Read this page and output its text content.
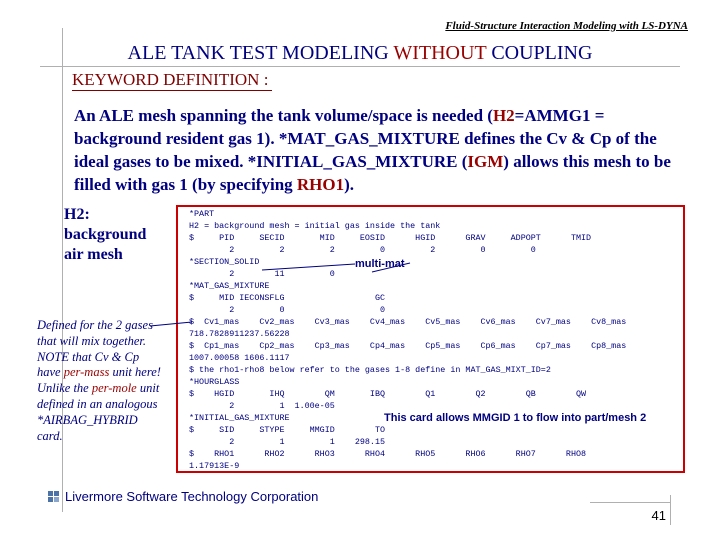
Fluid-Structure Interaction Modeling with LS-DYNA
ALE TANK TEST MODELING WITHOUT COUPLING
KEYWORD DEFINITION :
An ALE mesh spanning the tank volume/space is needed (H2=AMMG1 = background resident gas 1). *MAT_GAS_MIXTURE defines the Cv & Cp of the ideal gases to be mixed. *INITIAL_GAS_MIXTURE (IGM) allows this mesh to be filled with gas 1 (by specifying RHO1).
H2:
background
air mesh
Defined for the 2 gases that will mix together. NOTE that Cv & Cp have per-mass unit here! Unlike the per-mole unit defined in an analogous *AIRBAG_HYBRID card.
*PART
H2 = background mesh = initial gas inside the tank
$     PID     SECID       MID     EOSID      HGID      GRAV     ADPOPT      TMID
2         2         2         0         2         0         0
*SECTION_SOLID
2        11         0
*MAT_GAS_MIXTURE
$     MID IECONSFLG                  GC
2         0                   0
$  Cv1_mas    Cv2_mas    Cv3_mas    Cv4_mas    Cv5_mas    Cv6_mas    Cv7_mas    Cv8_mas
718.7828911237.56228
$  Cp1_mas    Cp2_mas    Cp3_mas    Cp4_mas    Cp5_mas    Cp6_mas    Cp7_mas    Cp8_mas
1007.00058 1606.1117
$ the rho1-rho8 below refer to the gases 1-8 define in MAT_GAS_MIXT_ID=2
*HOURGLASS
$    HGID       IHQ        QM       IBQ        Q1        Q2        QB        QW
2         1  1.00e-05
*INITIAL_GAS_MIXTURE
$     SID     STYPE     MMGID        TO
2         1         1    298.15
$    RHO1      RHO2      RHO3      RHO4      RHO5      RHO6      RHO7      RHO8
1.17913E-9
multi-mat
This card allows MMGID 1 to flow into part/mesh 2
Livermore Software Technology Corporation
41
